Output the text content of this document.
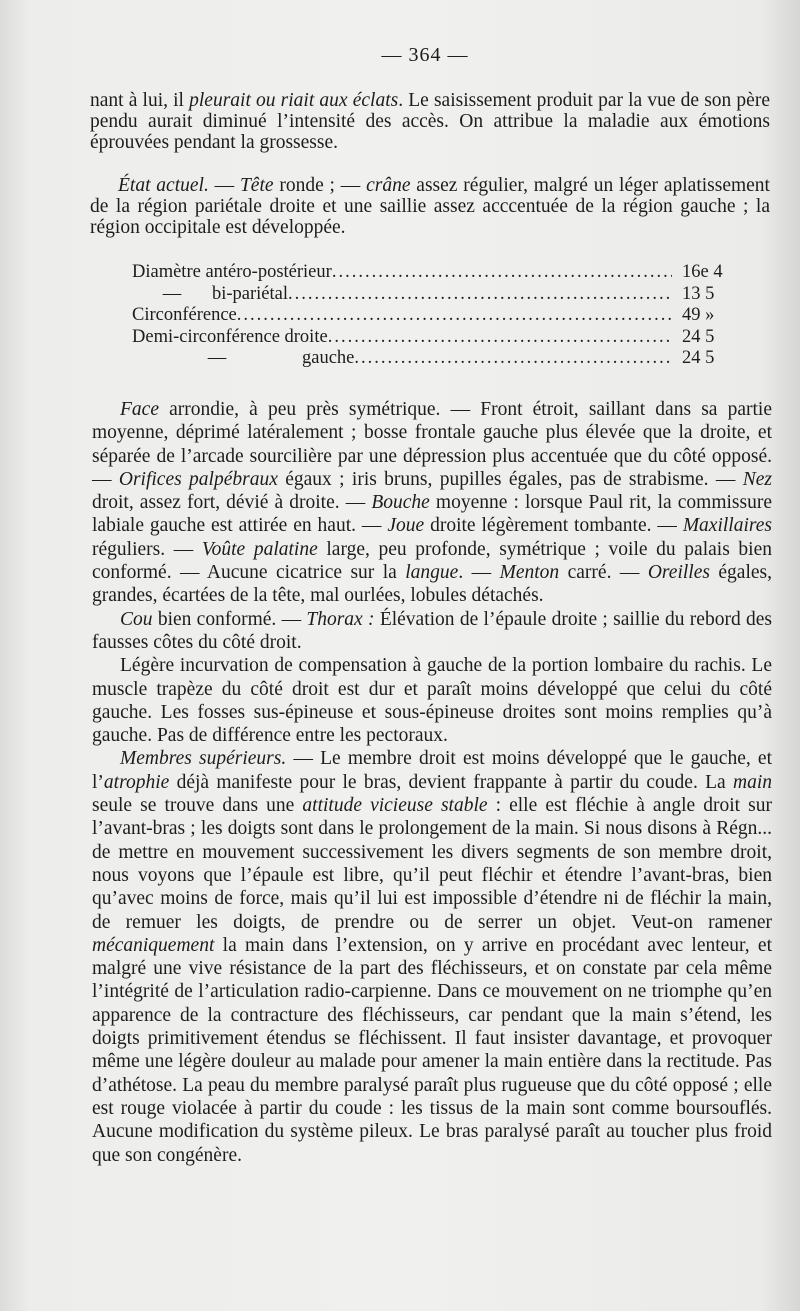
— 364 —

nant à lui, il pleurait ou riait aux éclats. Le saisissement produit par la vue de son père pendu aurait diminué l’intensité des accès. On attribue la maladie aux émotions éprouvées pendant la grossesse.

État actuel. — Tête ronde ; — crâne assez régulier, malgré un léger aplatissement de la région pariétale droite et une saillie assez acccentuée de la région gauche ; la région occipitale est développée.

Diamètre antéro-postérieur .....	16e 4
— bi-pariétal .....	13 5
Circonférence .....	49 »
Demi-circonférence droite .....	24 5
—	gauche .....	24 5

Face arrondie, à peu près symétrique. — Front étroit, saillant dans sa partie moyenne, déprimé latéralement ; bosse frontale gauche plus élevée que la droite, et séparée de l’arcade sourcilière par une dépression plus accentuée que du côté opposé. — Orifices palpébraux égaux ; iris bruns, pupilles égales, pas de strabisme. — Nez droit, assez fort, dévié à droite. — Bouche moyenne : lorsque Paul rit, la commissure labiale gauche est attirée en haut. — Joue droite légèrement tombante. — Maxillaires réguliers. — Voûte palatine large, peu profonde, symétrique ; voile du palais bien conformé. — Aucune cicatrice sur la langue. — Menton carré. — Oreilles égales, grandes, écartées de la tête, mal ourlées, lobules détachés.

Cou bien conformé. — Thorax : Élévation de l’épaule droite ; saillie du rebord des fausses côtes du côté droit.

Légère incurvation de compensation à gauche de la portion lombaire du rachis. Le muscle trapèze du côté droit est dur et paraît moins développé que celui du côté gauche. Les fosses sus-épineuse et sous-épineuse droites sont moins remplies qu’à gauche. Pas de différence entre les pectoraux.

Membres supérieurs. — Le membre droit est moins développé que le gauche, et l’atrophie déjà manifeste pour le bras, devient frappante à partir du coude. La main seule se trouve dans une attitude vicieuse stable : elle est fléchie à angle droit sur l’avant-bras ; les doigts sont dans le prolongement de la main. Si nous disons à Régn... de mettre en mouvement successivement les divers segments de son membre droit, nous voyons que l’épaule est libre, qu’il peut fléchir et étendre l’avant-bras, bien qu’avec moins de force, mais qu’il lui est impossible d’étendre ni de fléchir la main, de remuer les doigts, de prendre ou de serrer un objet. Veut-on ramener mécaniquement la main dans l’extension, on y arrive en procédant avec lenteur, et malgré une vive résistance de la part des fléchisseurs, et on constate par cela même l’intégrité de l’articulation radio-carpienne. Dans ce mouvement on ne triomphe qu’en apparence de la contracture des fléchisseurs, car pendant que la main s’étend, les doigts primitivement étendus se fléchissent. Il faut insister davantage, et provoquer même une légère douleur au malade pour amener la main entière dans la rectitude. Pas d’athétose. La peau du membre paralysé paraît plus rugueuse que du côté opposé ; elle est rouge violacée à partir du coude : les tissus de la main sont comme boursouflés. Aucune modification du système pileux. Le bras paralysé paraît au toucher plus froid que son congénère.
